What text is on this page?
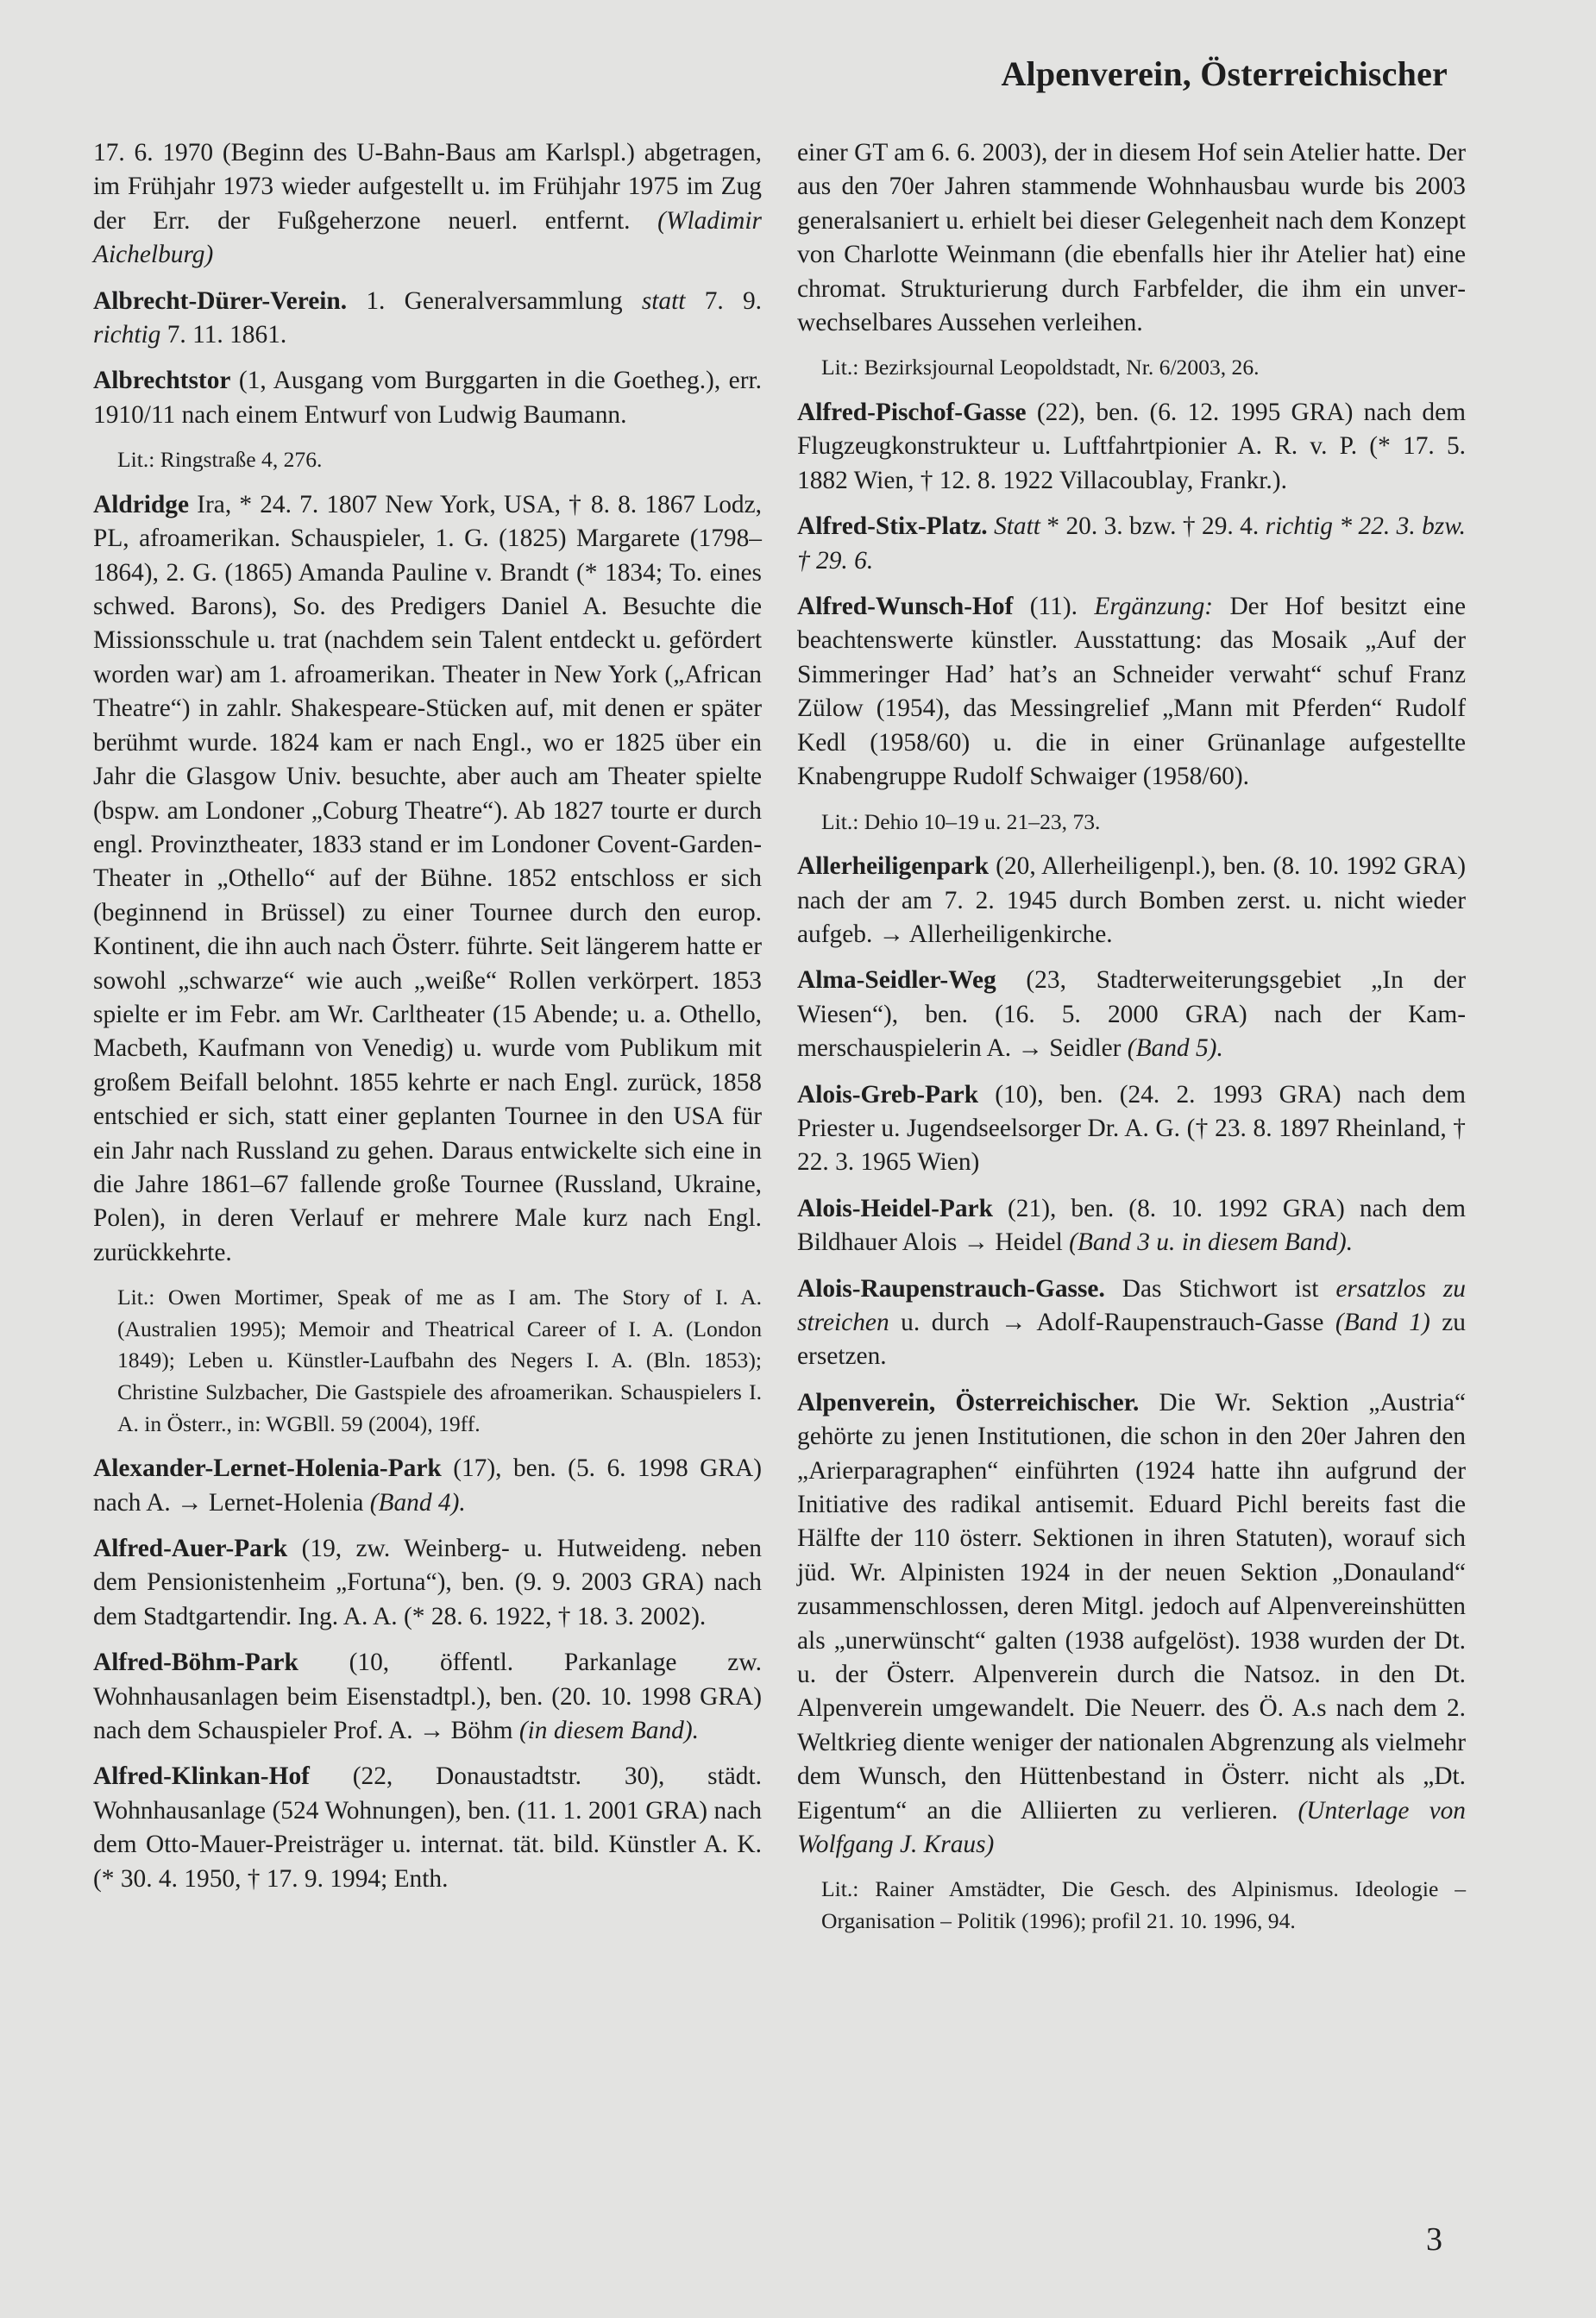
Alpenverein, Österreichischer

17. 6. 1970 (Beginn des U-Bahn-Baus am Karlspl.) abgetragen, im Frühjahr 1973 wieder aufgestellt u. im Frühjahr 1975 im Zug der Err. der Fußgeherzone neuerl. entfernt. (Wladimir Aichelburg)

Albrecht-Dürer-Verein. 1. Generalversammlung statt 7. 9. richtig 7. 11. 1861.

Albrechtstor (1, Ausgang vom Burggarten in die Goetheg.), err. 1910/11 nach einem Entwurf von Ludwig Baumann.

Lit.: Ringstraße 4, 276.

Aldridge Ira, * 24. 7. 1807 New York, USA, † 8. 8. 1867 Lodz, PL, afroamerikan. Schauspieler, 1. G. (1825) Margarete (1798–1864), 2. G. (1865) Amanda Pauline v. Brandt (* 1834; To. eines schwed. Barons), So. des Predigers Daniel A. Besuchte die Missionsschule u. trat (nachdem sein Talent entdeckt u. gefördert worden war) am 1. afroamerikan. Theater in New York („African Theatre“) in zahlr. Shakespeare-Stücken auf, mit denen er später berühmt wurde. 1824 kam er nach Engl., wo er 1825 über ein Jahr die Glasgow Univ. besuchte, aber auch am Theater spielte (bspw. am Londoner „Coburg Theatre“). Ab 1827 tourte er durch engl. Provinztheater, 1833 stand er im Londoner Covent-Garden-Theater in „Othello“ auf der Bühne. 1852 entschloss er sich (beginnend in Brüssel) zu einer Tournee durch den europ. Kontinent, die ihn auch nach Österr. führte. Seit längerem hatte er sowohl „schwarze“ wie auch „weiße“ Rollen verkörpert. 1853 spielte er im Febr. am Wr. Carltheater (15 Abende; u. a. Othello, Macbeth, Kaufmann von Venedig) u. wurde vom Publikum mit großem Beifall belohnt. 1855 kehrte er nach Engl. zurück, 1858 entschied er sich, statt einer geplanten Tournee in den USA für ein Jahr nach Russland zu gehen. Daraus entwickelte sich eine in die Jahre 1861–67 fallende große Tournee (Russland, Ukraine, Polen), in deren Verlauf er mehrere Male kurz nach Engl. zurückkehrte.

Lit.: Owen Mortimer, Speak of me as I am. The Story of I. A. (Australien 1995); Memoir and Theatrical Career of I. A. (London 1849); Leben u. Künstler-Laufbahn des Negers I. A. (Bln. 1853); Christine Sulzbacher, Die Gastspiele des afroamerikan. Schauspielers I. A. in Österr., in: WGBll. 59 (2004), 19ff.

Alexander-Lernet-Holenia-Park (17), ben. (5. 6. 1998 GRA) nach A. → Lernet-Holenia (Band 4).

Alfred-Auer-Park (19, zw. Weinberg- u. Hutweideng. neben dem Pensionistenheim „Fortuna“), ben. (9. 9. 2003 GRA) nach dem Stadtgartendir. Ing. A. A. (* 28. 6. 1922, † 18. 3. 2002).

Alfred-Böhm-Park (10, öffentl. Parkanlage zw. Wohnhausanlagen beim Eisenstadtpl.), ben. (20. 10. 1998 GRA) nach dem Schauspieler Prof. A. → Böhm (in diesem Band).

Alfred-Klinkan-Hof (22, Donaustadtstr. 30), städt. Wohnhausanlage (524 Wohnungen), ben. (11. 1. 2001 GRA) nach dem Otto-Mauer-Preisträger u. internat. tät. bild. Künstler A. K. (* 30. 4. 1950, † 17. 9. 1994; Enth.

einer GT am 6. 6. 2003), der in diesem Hof sein Atelier hatte. Der aus den 70er Jahren stammende Wohnhausbau wurde bis 2003 generalsaniert u. erhielt bei dieser Gelegenheit nach dem Konzept von Charlotte Weinmann (die ebenfalls hier ihr Atelier hat) eine chromat. Strukturierung durch Farbfelder, die ihm ein unverwechselbares Aussehen verleihen.

Lit.: Bezirksjournal Leopoldstadt, Nr. 6/2003, 26.

Alfred-Pischof-Gasse (22), ben. (6. 12. 1995 GRA) nach dem Flugzeugkonstrukteur u. Luftfahrtpionier A. R. v. P. (* 17. 5. 1882 Wien, † 12. 8. 1922 Villacoublay, Frankr.).

Alfred-Stix-Platz. Statt * 20. 3. bzw. † 29. 4. richtig * 22. 3. bzw. † 29. 6.

Alfred-Wunsch-Hof (11). Ergänzung: Der Hof besitzt eine beachtenswerte künstler. Ausstattung: das Mosaik „Auf der Simmeringer Had’ hat’s an Schneider verwaht“ schuf Franz Zülow (1954), das Messingrelief „Mann mit Pferden“ Rudolf Kedl (1958/60) u. die in einer Grünanlage aufgestellte Knabengruppe Rudolf Schwaiger (1958/60).

Lit.: Dehio 10–19 u. 21–23, 73.

Allerheiligenpark (20, Allerheiligenpl.), ben. (8. 10. 1992 GRA) nach der am 7. 2. 1945 durch Bomben zerst. u. nicht wieder aufgeb. → Allerheiligenkirche.

Alma-Seidler-Weg (23, Stadterweiterungsgebiet „In der Wiesen“), ben. (16. 5. 2000 GRA) nach der Kammerschauspielerin A. → Seidler (Band 5).

Alois-Greb-Park (10), ben. (24. 2. 1993 GRA) nach dem Priester u. Jugendseelsorger Dr. A. G. († 23. 8. 1897 Rheinland, † 22. 3. 1965 Wien)

Alois-Heidel-Park (21), ben. (8. 10. 1992 GRA) nach dem Bildhauer Alois → Heidel (Band 3 u. in diesem Band).

Alois-Raupenstrauch-Gasse. Das Stichwort ist ersatzlos zu streichen u. durch → Adolf-Raupenstrauch-Gasse (Band 1) zu ersetzen.

Alpenverein, Österreichischer. Die Wr. Sektion „Austria“ gehörte zu jenen Institutionen, die schon in den 20er Jahren den „Arierparagraphen“ einführten (1924 hatte ihn aufgrund der Initiative des radikal antisemit. Eduard Pichl bereits fast die Hälfte der 110 österr. Sektionen in ihren Statuten), worauf sich jüd. Wr. Alpinisten 1924 in der neuen Sektion „Donauland“ zusammenschlossen, deren Mitgl. jedoch auf Alpenvereinshütten als „unerwünscht“ galten (1938 aufgelöst). 1938 wurden der Dt. u. der Österr. Alpenverein durch die Natsoz. in den Dt. Alpenverein umgewandelt. Die Neuerr. des Ö. A.s nach dem 2. Weltkrieg diente weniger der nationalen Abgrenzung als vielmehr dem Wunsch, den Hüttenbestand in Österr. nicht als „Dt. Eigentum“ an die Alliierten zu verlieren. (Unterlage von Wolfgang J. Kraus)

Lit.: Rainer Amstädter, Die Gesch. des Alpinismus. Ideologie – Organisation – Politik (1996); profil 21. 10. 1996, 94.

3
